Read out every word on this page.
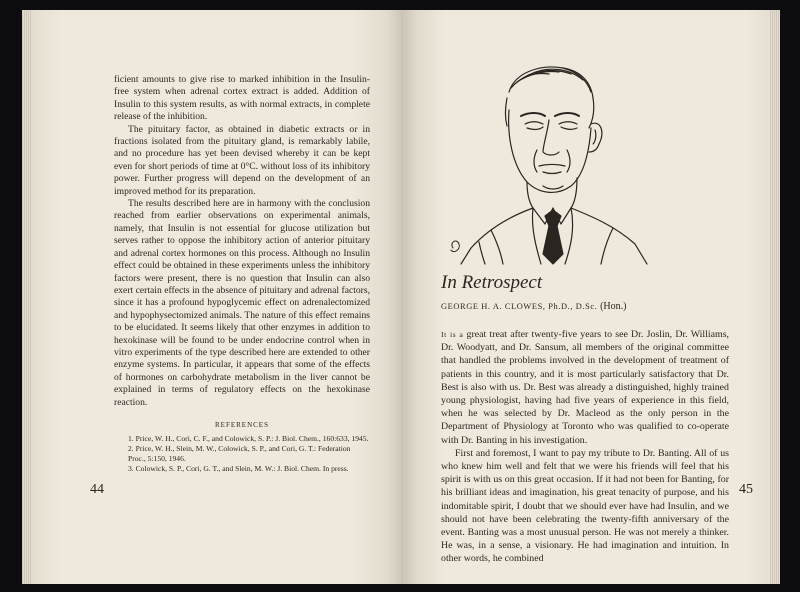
ficient amounts to give rise to marked inhibition in the Insulin-free system when adrenal cortex extract is added. Addition of Insulin to this system results, as with normal extracts, in complete release of the inhibition.

The pituitary factor, as obtained in diabetic extracts or in fractions isolated from the pituitary gland, is remarkably labile, and no procedure has yet been devised whereby it can be kept even for short periods of time at 0°C. without loss of its inhibitory power. Further progress will depend on the development of an improved method for its preparation.

The results described here are in harmony with the conclusion reached from earlier observations on experimental animals, namely, that Insulin is not essential for glucose utilization but serves rather to oppose the inhibitory action of anterior pituitary and adrenal cortex hormones on this process. Although no Insulin effect could be obtained in these experiments unless the inhibitory factors were present, there is no question that Insulin can also exert certain effects in the absence of pituitary and adrenal factors, since it has a profound hypoglycemic effect on adrenalectomized and hypophysectomized animals. The nature of this effect remains to be elucidated. It seems likely that other enzymes in addition to hexokinase will be found to be under endocrine control when in vitro experiments of the type described here are extended to other enzyme systems. In particular, it appears that some of the effects of hormones on carbohydrate metabolism in the liver cannot be explained in terms of regulatory effects on the hexokinase reaction.

REFERENCES

1. Price, W. H., Cori, C. F., and Colowick, S. P.: J. Biol. Chem., 160:633, 1945.

2. Price, W. H., Slein, M. W., Colowick, S. P., and Cori, G. T.: Federation Proc., 5:150, 1946.

3. Colowick, S. P., Cori, G. T., and Slein, M. W.: J. Biol. Chem. In press.

44
In Retrospect
GEORGE H. A. CLOWES, Ph.D., D.Sc. (Hon.)

It is a great treat after twenty-five years to see Dr. Joslin, Dr. Williams, Dr. Woodyatt, and Dr. Sansum, all members of the original committee that handled the problems involved in the development of treatment of patients in this country, and it is most particularly satisfactory that Dr. Best is also with us. Dr. Best was already a distinguished, highly trained young physiologist, having had five years of experience in this field, when he was selected by Dr. Macleod as the only person in the Department of Physiology at Toronto who was qualified to co-operate with Dr. Banting in his investigation.

First and foremost, I want to pay my tribute to Dr. Banting. All of us who knew him well and felt that we were his friends will feel that his spirit is with us on this great occasion. If it had not been for Banting, for his brilliant ideas and imagination, his great tenacity of purpose, and his indomitable spirit, I doubt that we should ever have had Insulin, and we should not have been celebrating the twenty-fifth anniversary of the event. Banting was a most unusual person. He was not merely a thinker. He was, in a sense, a visionary. He had imagination and intuition. In other words, he combined

45
